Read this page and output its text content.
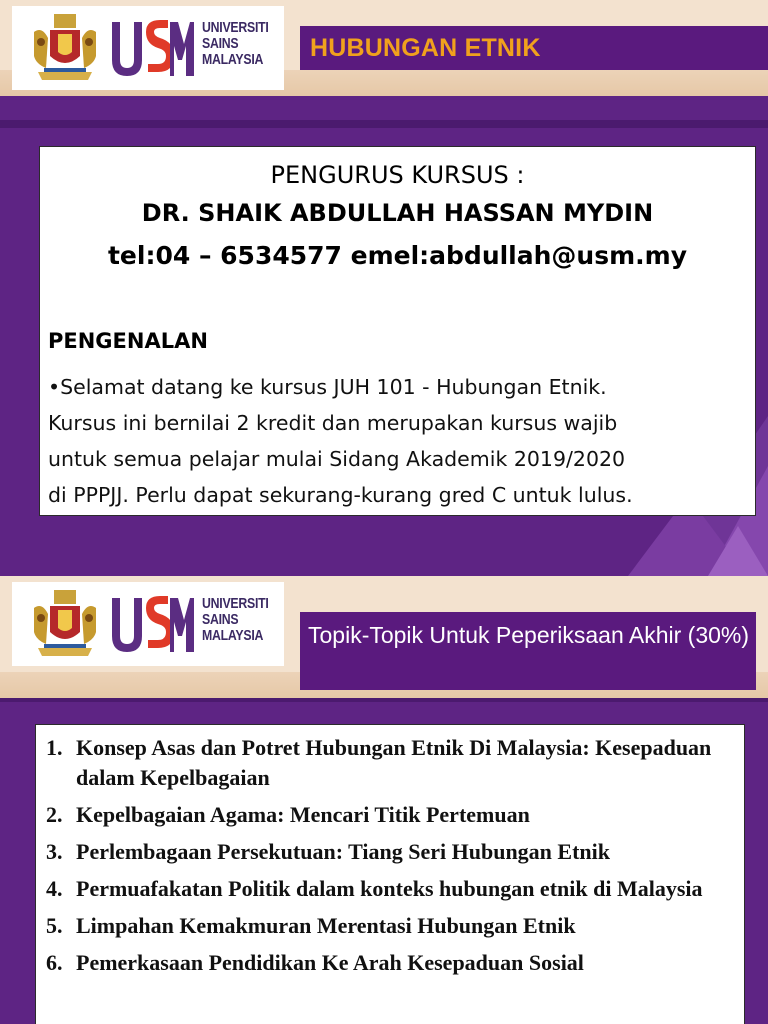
UNIVERSITI
SAINS
MALAYSIA HUBUNGAN ETNIK
PENGURUS KURSUS :
DR. SHAIK ABDULLAH HASSAN MYDIN
tel:04 – 6534577 emel:abdullah@usm.my
PENGENALAN
•Selamat datang ke kursus JUH 101 - Hubungan Etnik.
Kursus ini bernilai 2 kredit dan merupakan kursus wajib
untuk semua pelajar mulai Sidang Akademik 2019/2020
di PPPJJ. Perlu dapat sekurang-kurang gred C untuk lulus.
UNIVERSITI
SAINS
MALAYSIA Topik-Topik Untuk Peperiksaan Akhir (30%)
1. Konsep Asas dan Potret Hubungan Etnik Di Malaysia: Kesepaduan dalam Kepelbagaian
2. Kepelbagaian Agama: Mencari Titik Pertemuan
3. Perlembagaan Persekutuan: Tiang Seri Hubungan Etnik
4. Permuafakatan Politik dalam konteks hubungan etnik di Malaysia
5. Limpahan Kemakmuran Merentasi Hubungan Etnik
6. Pemerkasaan Pendidikan Ke Arah Kesepaduan Sosial
